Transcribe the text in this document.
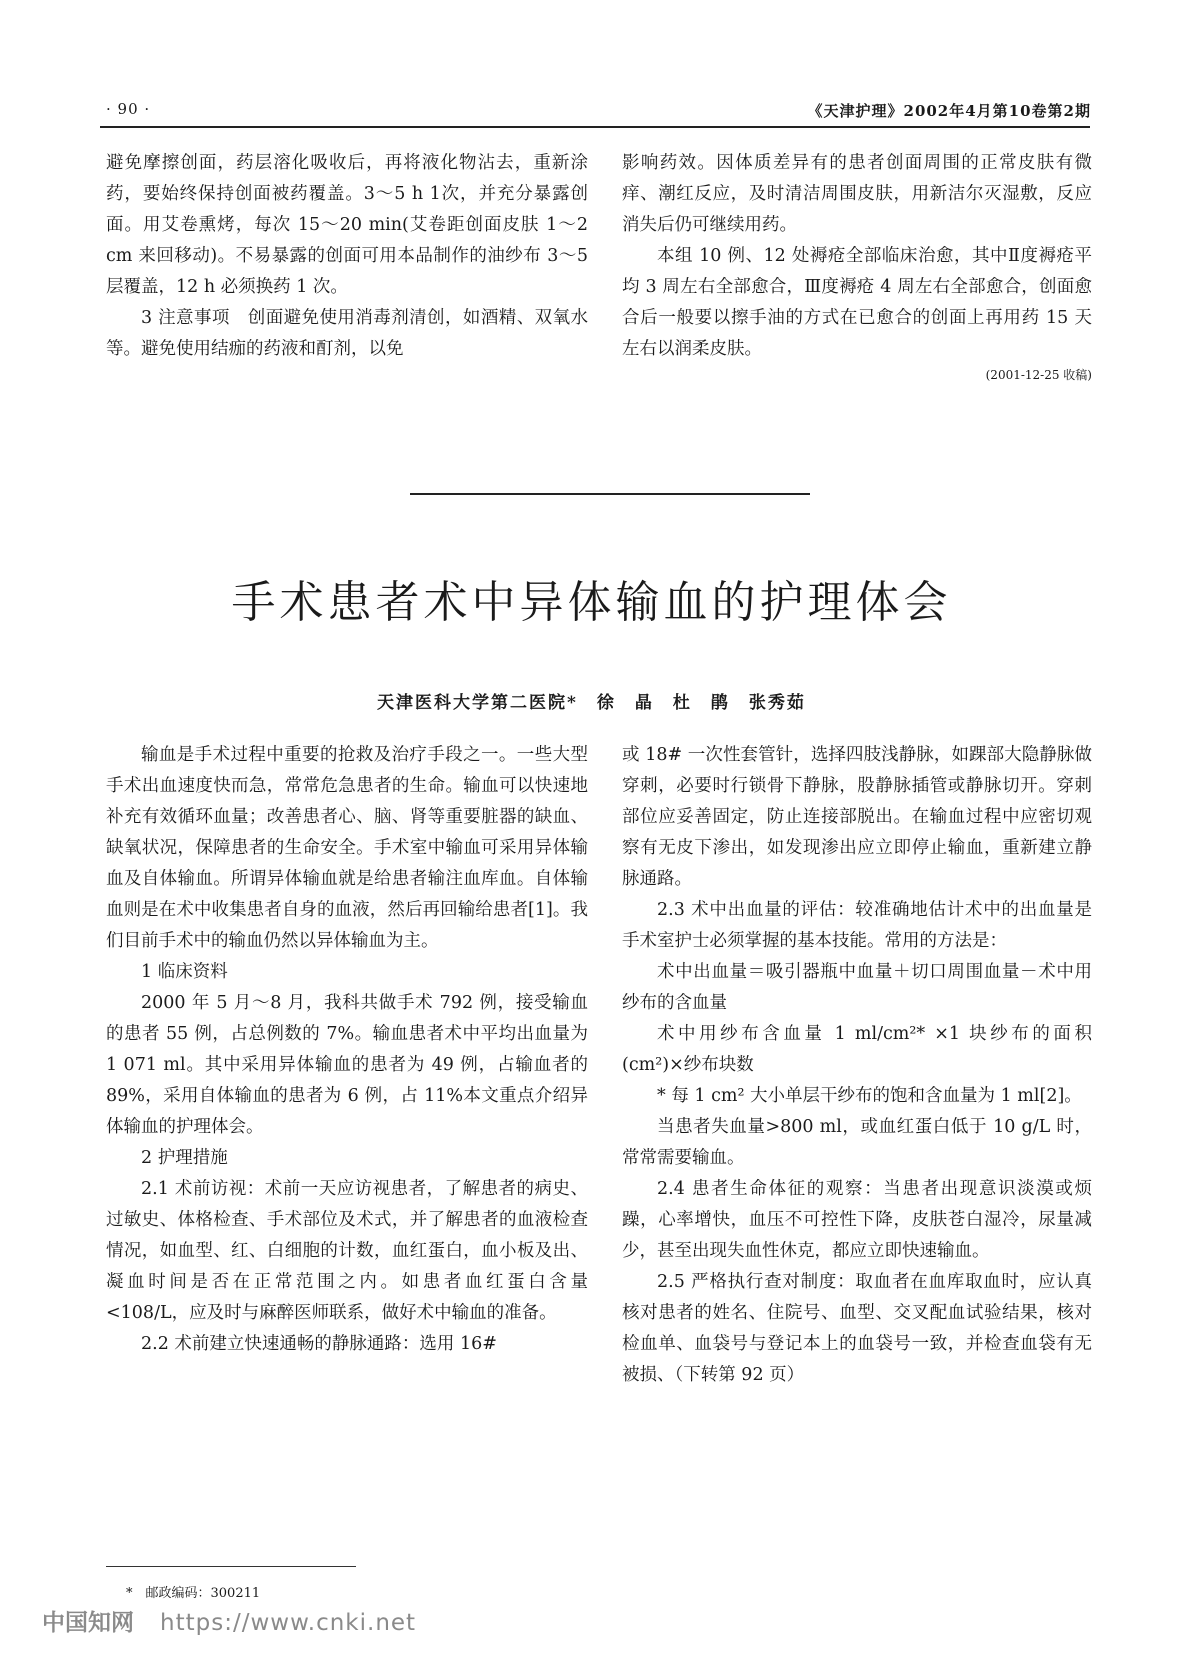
· 90 ·	《天津护理》2002年4月第10卷第2期

避免摩擦创面，药层溶化吸收后，再将液化物沾去，重新涂药，要始终保持创面被药覆盖。3～5 h 1次，并充分暴露创面。用艾卷熏烤，每次 15～20 min(艾卷距创面皮肤 1～2 cm 来回移动)。不易暴露的创面可用本品制作的油纱布 3～5 层覆盖，12 h 必须换药 1 次。

3 注意事项　创面避免使用消毒剂清创，如酒精、双氧水等。避免使用结痂的药液和酊剂，以免

影响药效。因体质差异有的患者创面周围的正常皮肤有微痒、潮红反应，及时清洁周围皮肤，用新洁尔灭湿敷，反应消失后仍可继续用药。

本组 10 例、12 处褥疮全部临床治愈，其中Ⅱ度褥疮平均 3 周左右全部愈合，Ⅲ度褥疮 4 周左右全部愈合，创面愈合后一般要以擦手油的方式在已愈合的创面上再用药 15 天左右以润柔皮肤。

(2001-12-25 收稿)

手术患者术中异体输血的护理体会
天津医科大学第二医院*　徐　晶　杜　鹃　张秀茹

输血是手术过程中重要的抢救及治疗手段之一。一些大型手术出血速度快而急，常常危急患者的生命。输血可以快速地补充有效循环血量；改善患者心、脑、肾等重要脏器的缺血、缺氧状况，保障患者的生命安全。手术室中输血可采用异体输血及自体输血。所谓异体输血就是给患者输注血库血。自体输血则是在术中收集患者自身的血液，然后再回输给患者[1]。我们目前手术中的输血仍然以异体输血为主。

1 临床资料

2000 年 5 月～8 月，我科共做手术 792 例，接受输血的患者 55 例，占总例数的 7%。输血患者术中平均出血量为 1 071 ml。其中采用异体输血的患者为 49 例，占输血者的 89%，采用自体输血的患者为 6 例，占 11%本文重点介绍异体输血的护理体会。

2 护理措施

2.1 术前访视：术前一天应访视患者，了解患者的病史、过敏史、体格检查、手术部位及术式，并了解患者的血液检查情况，如血型、红、白细胞的计数，血红蛋白，血小板及出、凝血时间是否在正常范围之内。如患者血红蛋白含量<108/L，应及时与麻醉医师联系，做好术中输血的准备。

2.2 术前建立快速通畅的静脉通路：选用 16#

或 18# 一次性套管针，选择四肢浅静脉，如踝部大隐静脉做穿刺，必要时行锁骨下静脉，股静脉插管或静脉切开。穿刺部位应妥善固定，防止连接部脱出。在输血过程中应密切观察有无皮下渗出，如发现渗出应立即停止输血，重新建立静脉通路。

2.3 术中出血量的评估：较准确地估计术中的出血量是手术室护士必须掌握的基本技能。常用的方法是：

术中出血量＝吸引器瓶中血量＋切口周围血量－术中用纱布的含血量

术中用纱布含血量 1 ml/cm²* ×1 块纱布的面积(cm²)×纱布块数

* 每 1 cm² 大小单层干纱布的饱和含血量为 1 ml[2]。

当患者失血量>800 ml，或血红蛋白低于 10 g/L 时，常常需要输血。

2.4 患者生命体征的观察：当患者出现意识淡漠或烦躁，心率增快，血压不可控性下降，皮肤苍白湿冷，尿量减少，甚至出现失血性休克，都应立即快速输血。

2.5 严格执行查对制度：取血者在血库取血时，应认真核对患者的姓名、住院号、血型、交叉配血试验结果，核对检血单、血袋号与登记本上的血袋号一致，并检查血袋有无被损、（下转第 92 页）

*　邮政编码：300211
中国知网 https://www.cnki.net
